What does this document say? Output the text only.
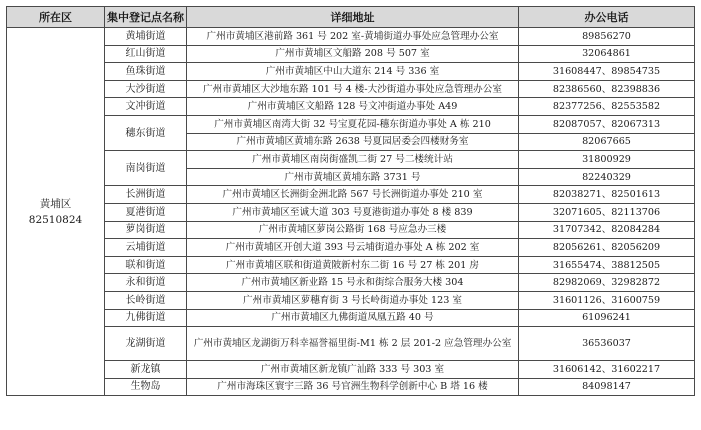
所在区	集中登记点名称	详细地址	办公电话

黄埔区
82510824	黄埔街道	广州市黄埔区港前路 361 号 202 室-黄埔街道办事处应急管理办公室	89856270
	红山街道	广州市黄埔区文船路 208 号 507 室	32064861
	鱼珠街道	广州市黄埔区中山大道东 214 号 336 室	31608447、89854735
	大沙街道	广州市黄埔区大沙地东路 101 号 4 楼-大沙街道办事处应急管理办公室	82386560、82398836
	文冲街道	广州市黄埔区文船路 128 号文冲街道办事处 A49	82377256、82553582
	穗东街道	广州市黄埔区南湾大街 32 号宝夏花园-穗东街道办事处 A 栋 210	82087057、82067313
		广州市黄埔区黄埔东路 2638 号夏园居委会四楼财务室	82067665
	南岗街道	广州市黄埔区南岗街盛凯二街 27 号二楼统计站	31800929
		广州市黄埔区黄埔东路 3731 号	82240329
	长洲街道	广州市黄埔区长洲街金洲北路 567 号长洲街道办事处 210 室	82038271、82501613
	夏港街道	广州市黄埔区至诚大道 303 号夏港街道办事处 8 楼 839	32071605、82113706
	萝岗街道	广州市黄埔区萝岗公路街 168 号应急办三楼	31707342、82084284
	云埔街道	广州市黄埔区开创大道 393 号云埔街道办事处 A 栋 202 室	82056261、82056209
	联和街道	广州市黄埔区联和街道黄陂新村东二街 16 号 27 栋 201 房	31655474、38812505
	永和街道	广州市黄埔区新业路 15 号永和街综合服务大楼 304	82982069、32982872
	长岭街道	广州市黄埔区萝穗育街 3 号长岭街道办事处 123 室	31601126、31600759
	九佛街道	广州市黄埔区九佛街道凤凰五路 40 号	61096241
	龙湖街道	广州市黄埔区龙湖街万科幸福誉福里街-M1 栋 2 层 201-2 应急管理办公室	36536037
	新龙镇	广州市黄埔区新龙镇广汕路 333 号 303 室	31606142、31602217
	生物岛	广州市海珠区寰宇三路 36 号官洲生物科学创新中心 B 塔 16 楼	84098147
